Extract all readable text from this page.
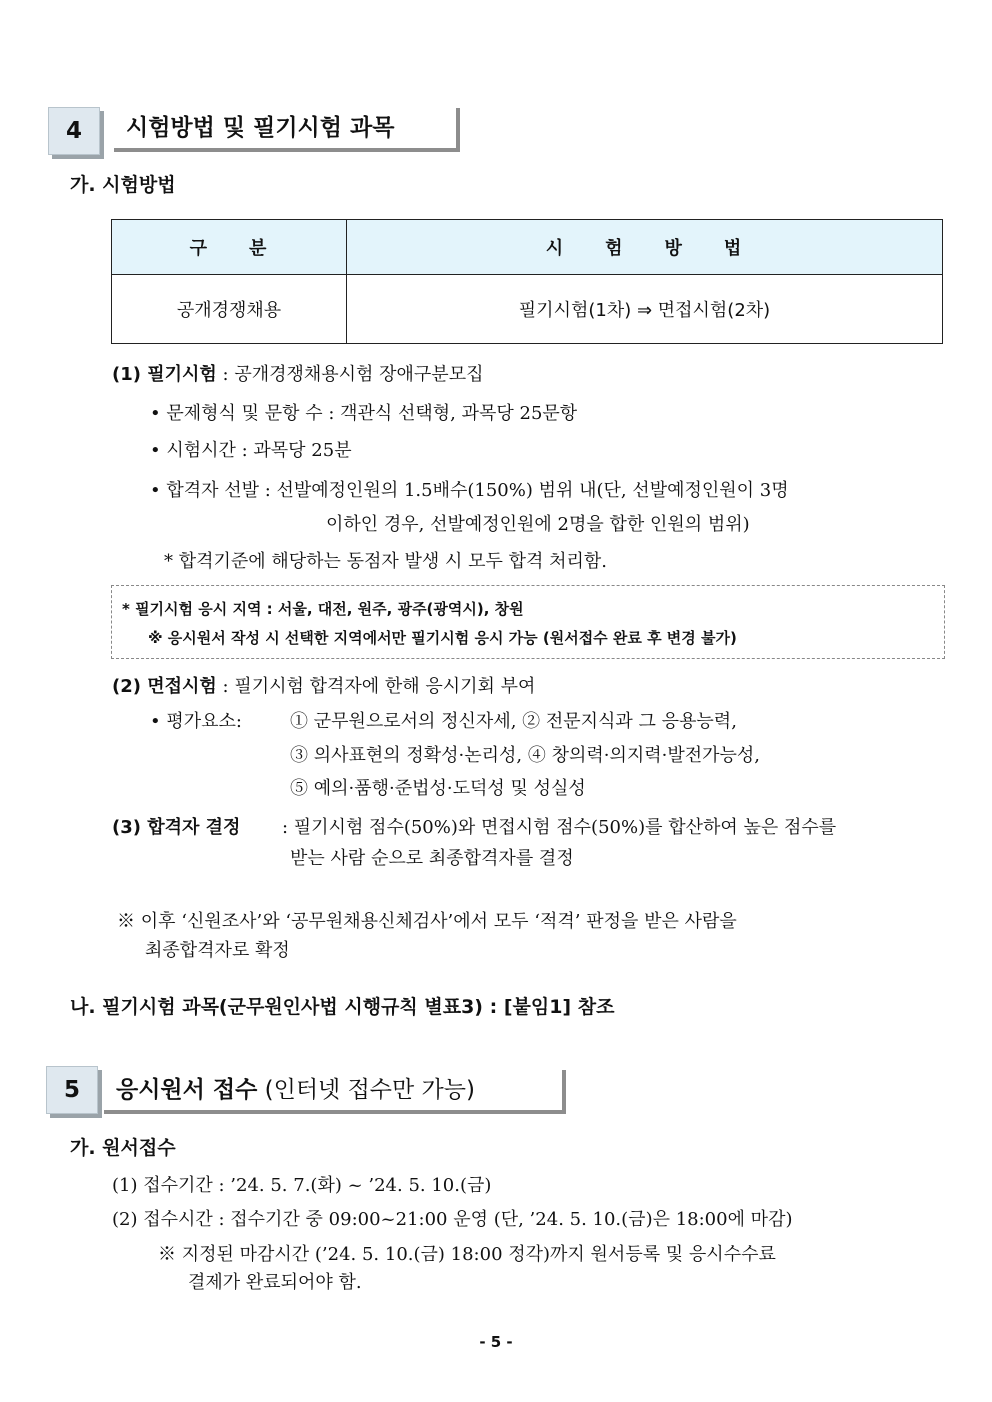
4	시험방법 및 필기시험 과목
가. 시험방법
구　　분	시　　험　　방　　법
공개경쟁채용	필기시험(1차) ⇒ 면접시험(2차)
(1) 필기시험 : 공개경쟁채용시험 장애구분모집
• 문제형식 및 문항 수 : 객관식 선택형, 과목당 25문항
• 시험시간 : 과목당 25분
• 합격자 선발 : 선발예정인원의 1.5배수(150%) 범위 내(단, 선발예정인원이 3명
이하인 경우, 선발예정인원에 2명을 합한 인원의 범위)
* 합격기준에 해당하는 동점자 발생 시 모두 합격 처리함.
* 필기시험 응시 지역 : 서울, 대전, 원주, 광주(광역시), 창원
※ 응시원서 작성 시 선택한 지역에서만 필기시험 응시 가능 (원서접수 완료 후 변경 불가)
(2) 면접시험 : 필기시험 합격자에 한해 응시기회 부여
• 평가요소:	① 군무원으로서의 정신자세, ② 전문지식과 그 응용능력,
③ 의사표현의 정확성·논리성, ④ 창의력·의지력·발전가능성,
⑤ 예의·품행·준법성·도덕성 및 성실성
(3) 합격자 결정 : 필기시험 점수(50%)와 면접시험 점수(50%)를 합산하여 높은 점수를
받는 사람 순으로 최종합격자를 결정
※ 이후 ‘신원조사’와 ‘공무원채용신체검사’에서 모두 ‘적격’ 판정을 받은 사람을
최종합격자로 확정
나. 필기시험 과목(군무원인사법 시행규칙 별표3) : [붙임1] 참조
5	응시원서 접수 (인터넷 접수만 가능)
가. 원서접수
(1) 접수기간 : ’24. 5. 7.(화) ~ ’24. 5. 10.(금)
(2) 접수시간 : 접수기간 중 09:00~21:00 운영 (단, ’24. 5. 10.(금)은 18:00에 마감)
※ 지정된 마감시간 (’24. 5. 10.(금) 18:00 정각)까지 원서등록 및 응시수수료
결제가 완료되어야 함.
- 5 -
